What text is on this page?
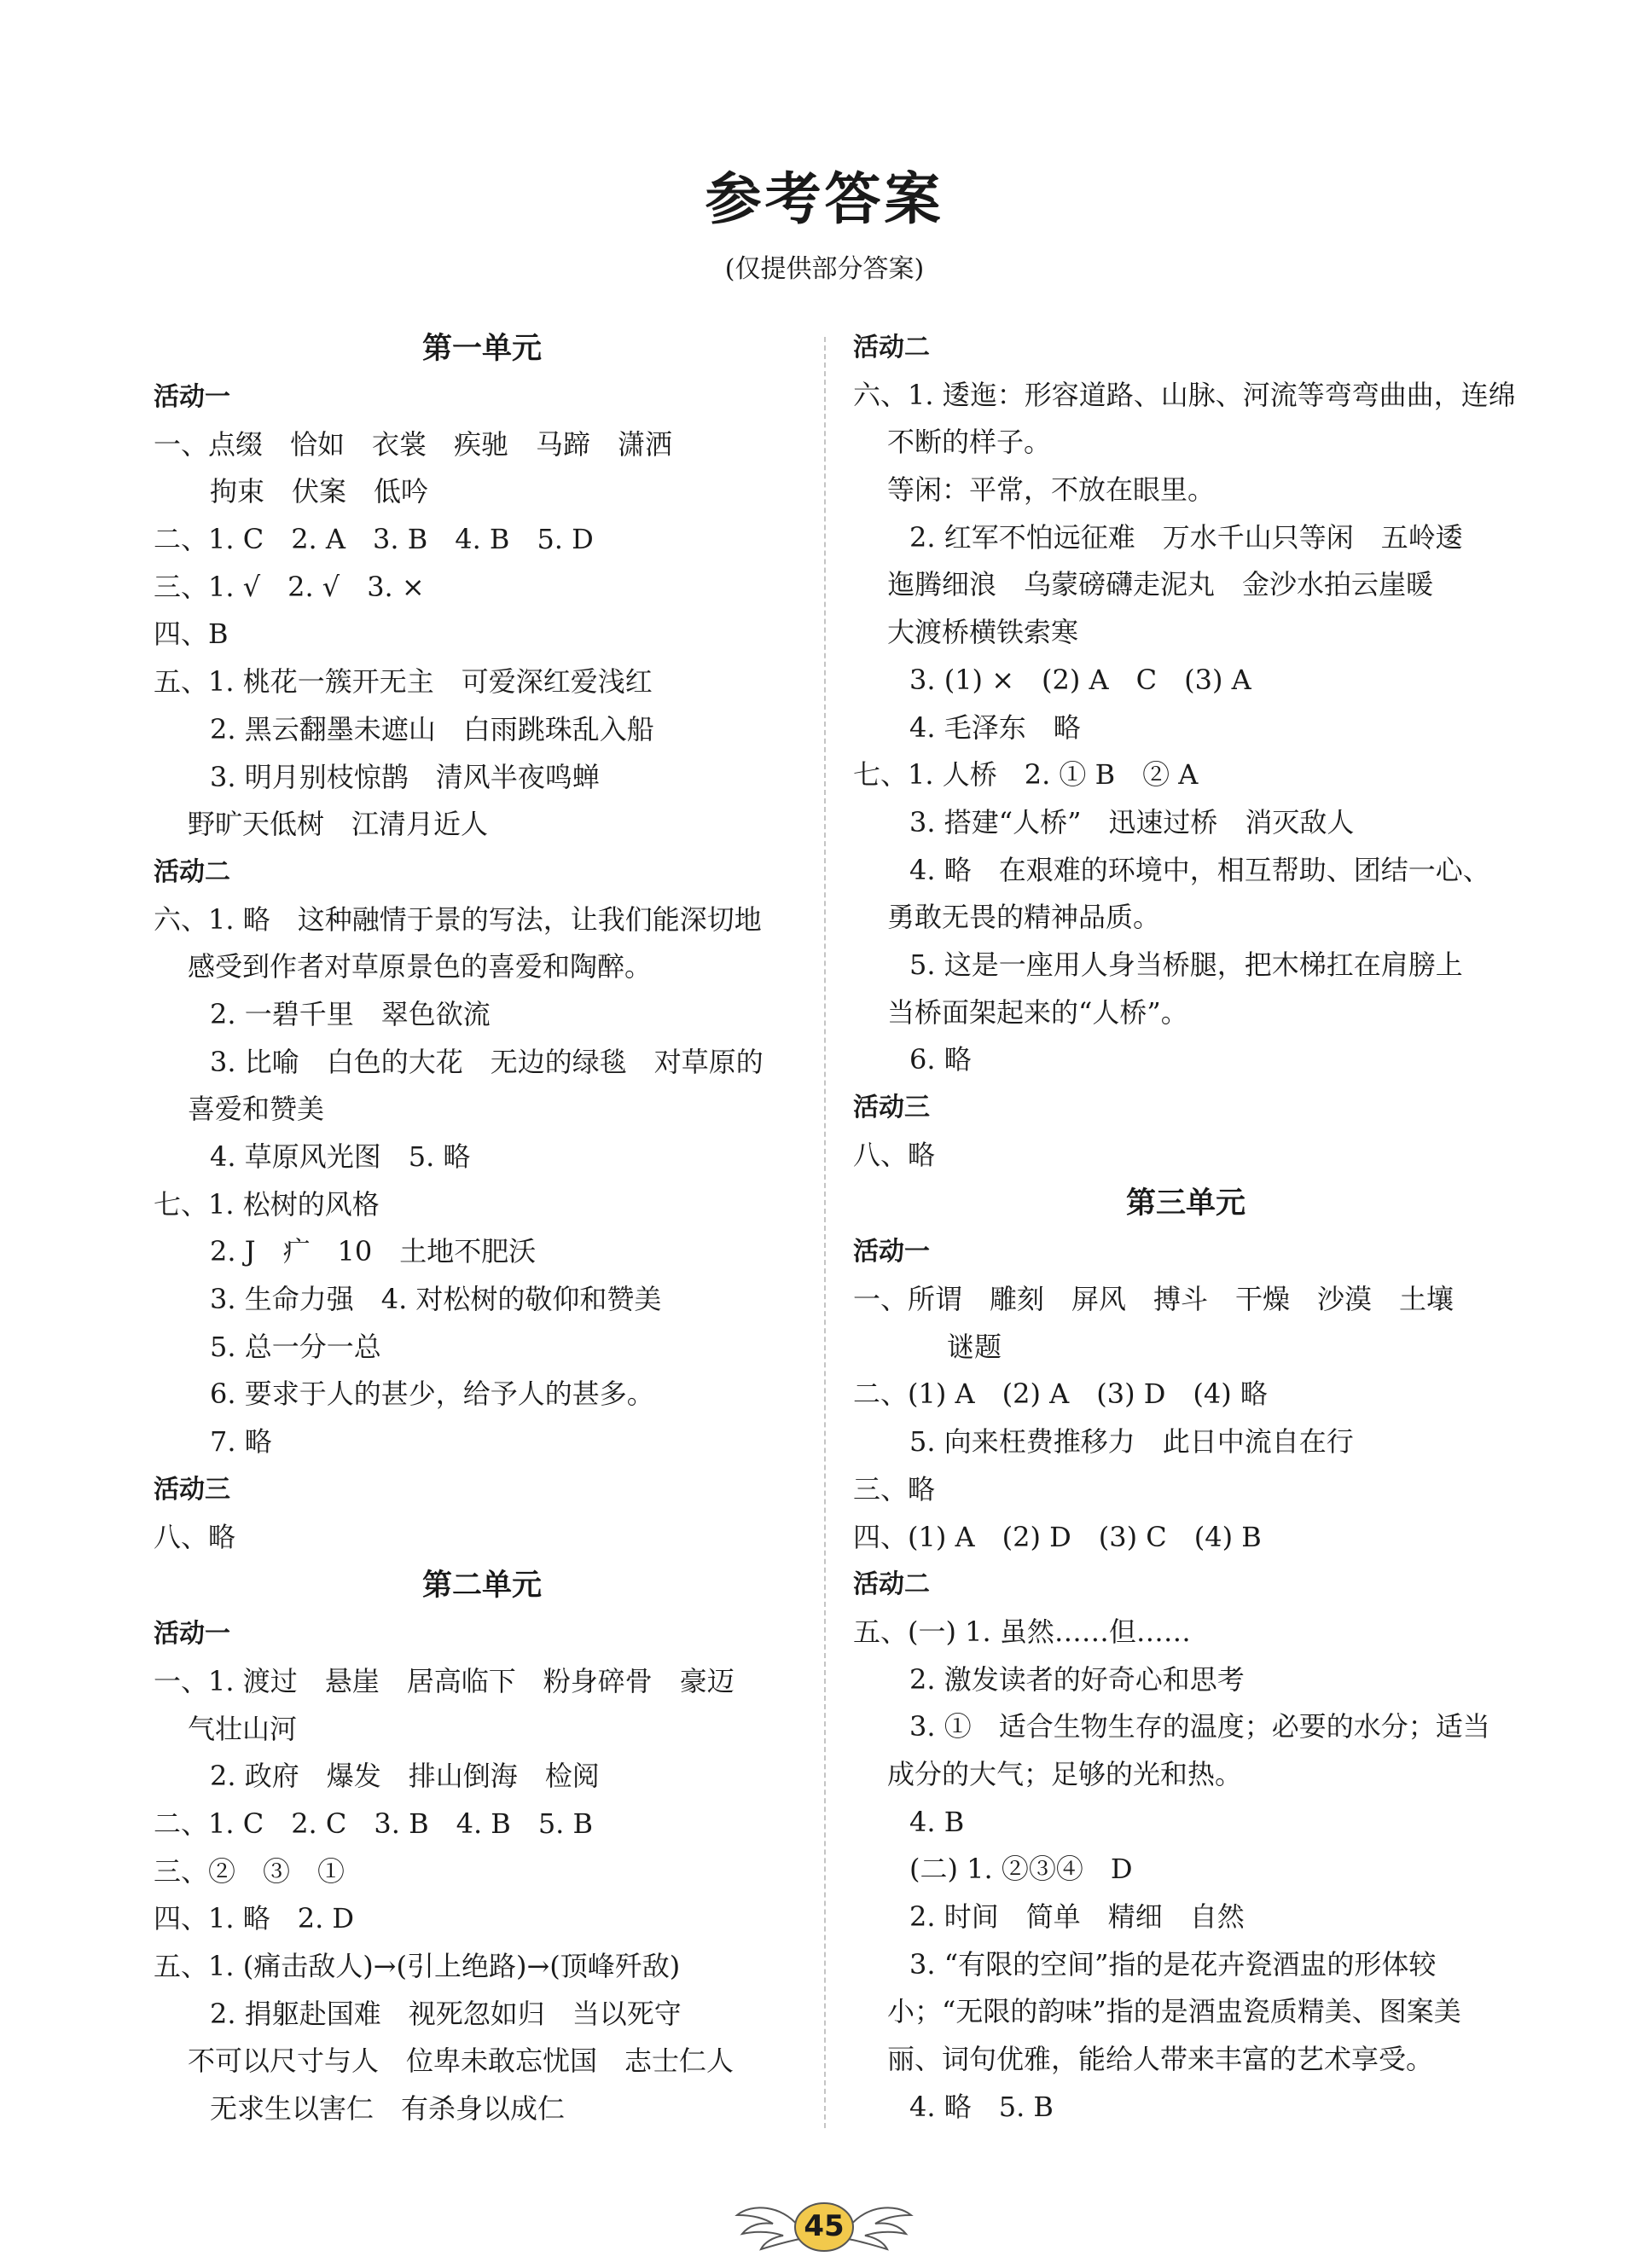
参考答案

(仅提供部分答案)

第一单元
活动一
一、点缀　恰如　衣裳　疾驰　马蹄　潇洒
拘束　伏案　低吟
二、1. C　2. A　3. B　4. B　5. D
三、1. √　2. √　3. ×
四、B
五、1. 桃花一簇开无主　可爱深红爱浅红
2. 黑云翻墨未遮山　白雨跳珠乱入船
3. 明月别枝惊鹊　清风半夜鸣蝉
野旷天低树　江清月近人
活动二
六、1. 略　这种融情于景的写法，让我们能深切地
感受到作者对草原景色的喜爱和陶醉。
2. 一碧千里　翠色欲流
3. 比喻　白色的大花　无边的绿毯　对草原的
喜爱和赞美
4. 草原风光图　5. 略
七、1. 松树的风格
2. J　疒　10　土地不肥沃
3. 生命力强　4. 对松树的敬仰和赞美
5. 总一分一总
6. 要求于人的甚少，给予人的甚多。
7. 略
活动三
八、略
第二单元
活动一
一、1. 渡过　悬崖　居高临下　粉身碎骨　豪迈
气壮山河
2. 政府　爆发　排山倒海　检阅
二、1. C　2. C　3. B　4. B　5. B
三、②　③　①
四、1. 略　2. D
五、1. (痛击敌人)→(引上绝路)→(顶峰歼敌)
2. 捐躯赴国难　视死忽如归　当以死守
不可以尺寸与人　位卑未敢忘忧国　志士仁人
无求生以害仁　有杀身以成仁
活动二
六、1. 逶迤：形容道路、山脉、河流等弯弯曲曲，连绵
不断的样子。
等闲：平常，不放在眼里。
2. 红军不怕远征难　万水千山只等闲　五岭逶
迤腾细浪　乌蒙磅礴走泥丸　金沙水拍云崖暖
大渡桥横铁索寒
3. (1) ×　(2) A　C　(3) A
4. 毛泽东　略
七、1. 人桥　2. ① B　② A
3. 搭建“人桥”　迅速过桥　消灭敌人
4. 略　在艰难的环境中，相互帮助、团结一心、
勇敢无畏的精神品质。
5. 这是一座用人身当桥腿，把木梯扛在肩膀上
当桥面架起来的“人桥”。
6. 略
活动三
八、略
第三单元
活动一
一、所谓　雕刻　屏风　搏斗　干燥　沙漠　土壤
谜题
二、(1) A　(2) A　(3) D　(4) 略
5. 向来枉费推移力　此日中流自在行
三、略
四、(1) A　(2) D　(3) C　(4) B
活动二
五、(一) 1. 虽然……但……
2. 激发读者的好奇心和思考
3. ①　适合生物生存的温度；必要的水分；适当
成分的大气；足够的光和热。
4. B
(二) 1. ②③④　D
2. 时间　简单　精细　自然
3. “有限的空间”指的是花卉瓷酒盅的形体较
小；“无限的韵味”指的是酒盅瓷质精美、图案美
丽、词句优雅，能给人带来丰富的艺术享受。
4. 略　5. B
45
